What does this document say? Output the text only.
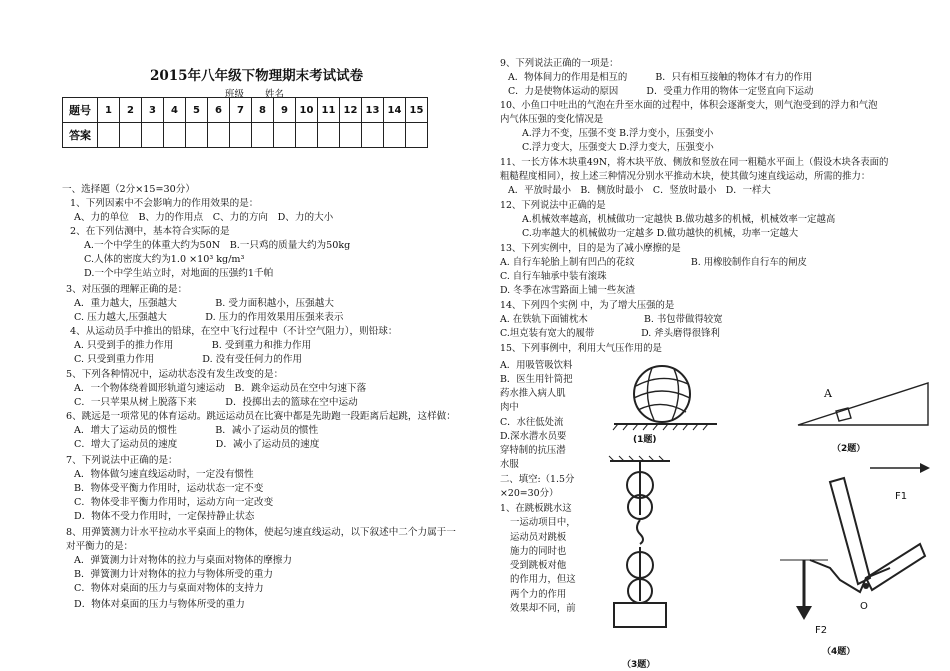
2015年八年级下物理期末考试试卷
班级 姓名
题号	1	2	3	4	5	6	7	8	9	10	11	12	13	14	15
答案															
一、选择题（2分×15=30分）
1、下列因素中不会影响力的作用效果的是：
A、力的单位　B、力的作用点　C、力的方向　D、力的大小
2、在下列估测中，基本符合实际的是
A.一个中学生的体重大约为50N　B.一只鸡的质量大约为50kg
C.人体的密度大约为1.0 ×10³ kg/m³
D.一个中学生站立时，对地面的压强约1千帕
3、对压强的理解正确的是：
A．重力越大，压强越大　　　　B. 受力面积越小，压强越大
C. 压力越大,压强越大　　　　D. 压力的作用效果用压强来表示
4、从运动员手中推出的铅球，在空中飞行过程中（不计空气阻力），则铅球：
A. 只受到手的推力作用　　　　B. 受到重力和推力作用
C. 只受到重力作用　　　　　D. 没有受任何力的作用
5、下列各种情况中，运动状态没有发生改变的是：
A．一个物体绕着圆形轨道匀速运动　B．跳伞运动员在空中匀速下落
C．一只苹果从树上脱落下来　　　D．投掷出去的篮球在空中运动
6、跳远是一项常见的体育运动。跳远运动员在比赛中都是先助跑一段距离后起跳，这样做：
A．增大了运动员的惯性　　　　B．减小了运动员的惯性
C．增大了运动员的速度　　　　D．减小了运动员的速度
7、下列说法中正确的是：
A．物体做匀速直线运动时，一定没有惯性
B．物体受平衡力作用时，运动状态一定不变
C．物体受非平衡力作用时，运动方向一定改变
D．物体不受力作用时，一定保持静止状态
8、用弹簧测力计水平拉动水平桌面上的物体，使起匀速直线运动，以下叙述中二个力属于一
对平衡力的是：
A．弹簧测力计对物体的拉力与桌面对物体的摩擦力
B．弹簧测力计对物体的拉力与物体所受的重力
C．物体对桌面的压力与桌面对物体的支持力
D．物体对桌面的压力与物体所受的重力
9、下列说法正确的一项是：
A．物体间力的作用是相互的　　　B．只有相互接触的物体才有力的作用
C．力是使物体运动的原因　　　D．受重力作用的物体一定竖直向下运动
10、小鱼口中吐出的气泡在升至水面的过程中，体积会逐渐变大，则气泡受到的浮力和气泡
内气体压强的变化情况是
A.浮力不变，压强不变 B.浮力变小，压强变小
C.浮力变大，压强变大 D.浮力变大，压强变小
11、一长方体木块重49N，将木块平放、侧放和竖放在同一粗糙水平面上（假设木块各表面的
粗糙程度相同），按上述三种情况分别水平推动木块，使其做匀速直线运动，所需的推力：
A．平放时最小　B．侧放时最小　C．竖放时最小　D．一样大
12、下列说法中正确的是
A.机械效率越高，机械做功一定越快 B.做功越多的机械，机械效率一定越高
C.功率越大的机械做功一定越多 D.做功越快的机械，功率一定越大
13、下列实例中，目的是为了减小摩擦的是
A. 自行车轮胎上制有凹凸的花纹　　　　　　B. 用橡胶制作自行车的闸皮
C. 自行车轴承中装有滚珠
D. 冬季在冰雪路面上铺一些灰渣
14、下列四个实例 中，为了增大压强的是
A. 在铁轨下面铺枕木　　　　　　B. 书包带做得较宽
C.坦克装有宽大的履带　　　　　D. 斧头磨得很锋利
15、下列事例中，利用大气压作用的是
A．用吸管吸饮料
B．医生用针筒把
药水推入病人肌
肉中
C．水往低处流
D.深水潜水员要
穿特制的抗压潜
水服
二、填空:（1.5分
×20=30分）
1、在跳板跳水这
一运动项目中，
运动员对跳板
施力的同时也
受到跳板对他
的作用力，但这
两个力的作用
效果却不同，前
(1题)
A
（2题）
（3题）
F1
F2
O
（4题）
